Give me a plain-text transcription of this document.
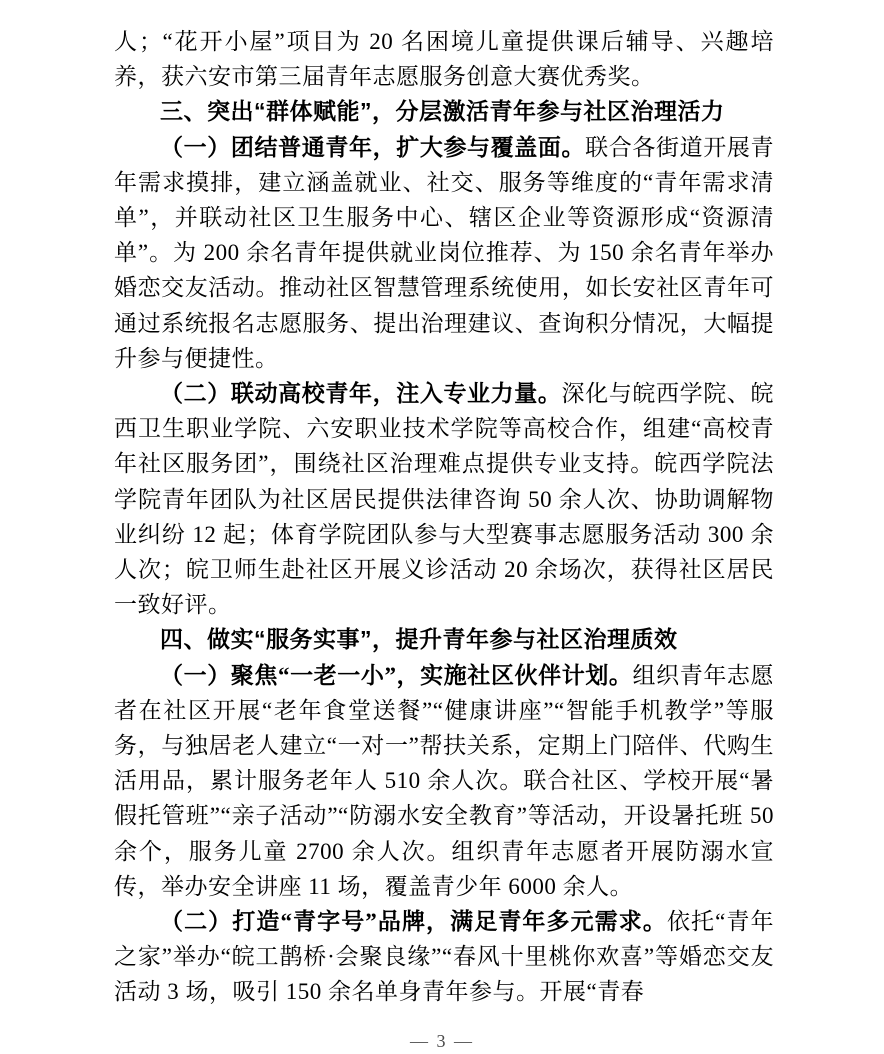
人；“花开小屋”项目为 20 名困境儿童提供课后辅导、兴趣培养，获六安市第三届青年志愿服务创意大赛优秀奖。

三、突出“群体赋能”，分层激活青年参与社区治理活力

（一）团结普通青年，扩大参与覆盖面。联合各街道开展青年需求摸排，建立涵盖就业、社交、服务等维度的“青年需求清单”，并联动社区卫生服务中心、辖区企业等资源形成“资源清单”。为 200 余名青年提供就业岗位推荐、为 150 余名青年举办婚恋交友活动。推动社区智慧管理系统使用，如长安社区青年可通过系统报名志愿服务、提出治理建议、查询积分情况，大幅提升参与便捷性。

（二）联动高校青年，注入专业力量。深化与皖西学院、皖西卫生职业学院、六安职业技术学院等高校合作，组建“高校青年社区服务团”，围绕社区治理难点提供专业支持。皖西学院法学院青年团队为社区居民提供法律咨询 50 余人次、协助调解物业纠纷 12 起；体育学院团队参与大型赛事志愿服务活动 300 余人次；皖卫师生赴社区开展义诊活动 20 余场次，获得社区居民一致好评。

四、做实“服务实事”，提升青年参与社区治理质效

（一）聚焦“一老一小”，实施社区伙伴计划。组织青年志愿者在社区开展“老年食堂送餐”“健康讲座”“智能手机教学”等服务，与独居老人建立“一对一”帮扶关系，定期上门陪伴、代购生活用品，累计服务老年人 510 余人次。联合社区、学校开展“暑假托管班”“亲子活动”“防溺水安全教育”等活动，开设暑托班 50 余个，服务儿童 2700 余人次。组织青年志愿者开展防溺水宣传，举办安全讲座 11 场，覆盖青少年 6000 余人。

（二）打造“青字号”品牌，满足青年多元需求。依托“青年之家”举办“皖工鹊桥·会聚良缘”“春风十里桃你欢喜”等婚恋交友活动 3 场，吸引 150 余名单身青年参与。开展“青春

— 3 —
